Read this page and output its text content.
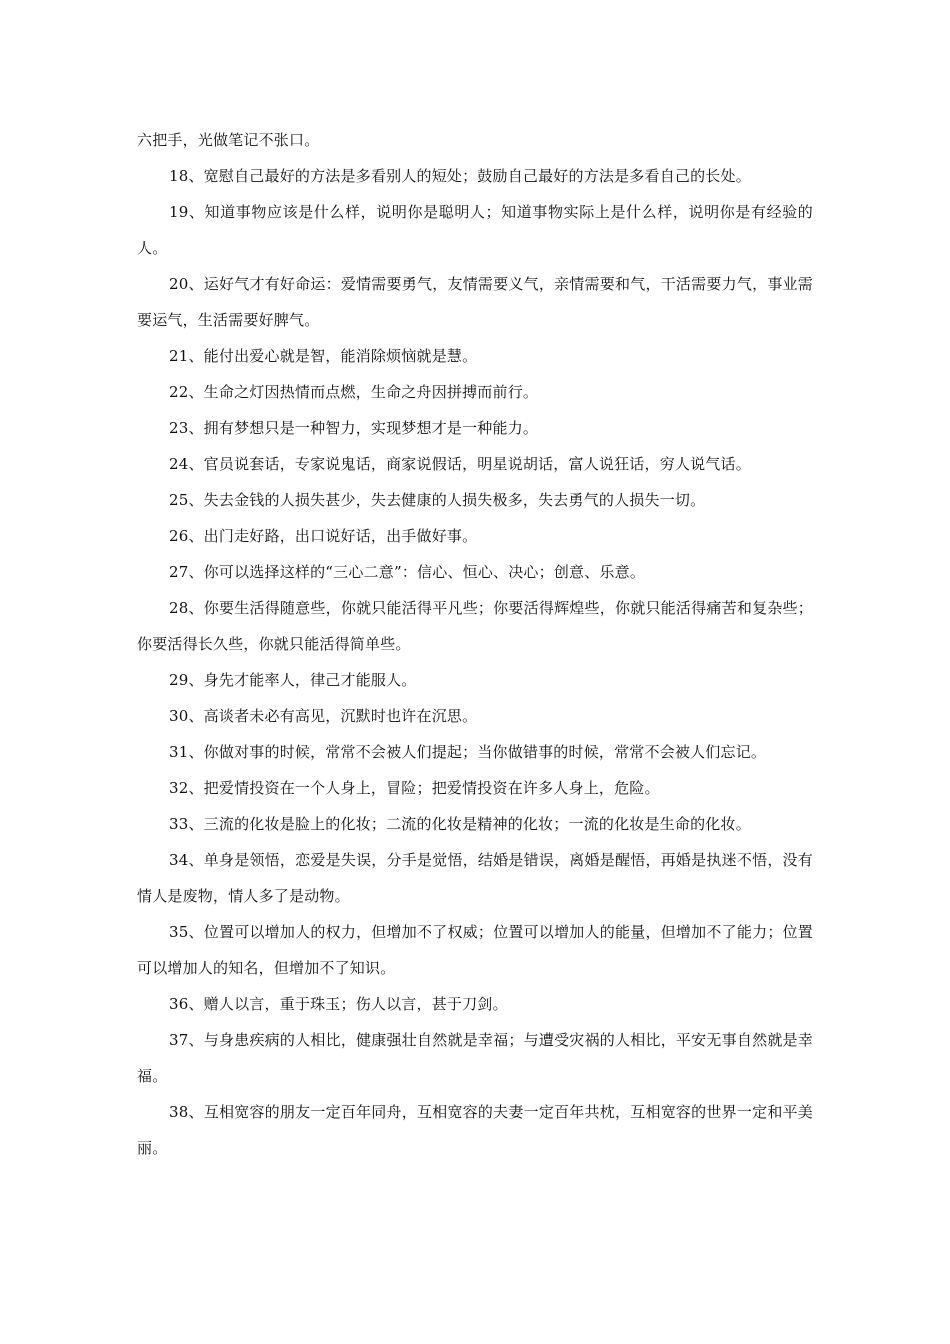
六把手，光做笔记不张口。

18、宽慰自己最好的方法是多看别人的短处；鼓励自己最好的方法是多看自己的长处。

19、知道事物应该是什么样，说明你是聪明人；知道事物实际上是什么样，说明你是有经验的人。

20、运好气才有好命运：爱情需要勇气，友情需要义气，亲情需要和气，干活需要力气，事业需要运气，生活需要好脾气。

21、能付出爱心就是智，能消除烦恼就是慧。

22、生命之灯因热情而点燃，生命之舟因拼搏而前行。

23、拥有梦想只是一种智力，实现梦想才是一种能力。

24、官员说套话，专家说鬼话，商家说假话，明星说胡话，富人说狂话，穷人说气话。

25、失去金钱的人损失甚少，失去健康的人损失极多，失去勇气的人损失一切。

26、出门走好路，出口说好话，出手做好事。

27、你可以选择这样的“三心二意”：信心、恒心、决心；创意、乐意。

28、你要生活得随意些，你就只能活得平凡些；你要活得辉煌些，你就只能活得痛苦和复杂些；你要活得长久些，你就只能活得简单些。

29、身先才能率人，律己才能服人。

30、高谈者未必有高见，沉默时也许在沉思。

31、你做对事的时候，常常不会被人们提起；当你做错事的时候，常常不会被人们忘记。

32、把爱情投资在一个人身上，冒险；把爱情投资在许多人身上，危险。

33、三流的化妆是脸上的化妆；二流的化妆是精神的化妆；一流的化妆是生命的化妆。

34、单身是领悟，恋爱是失误，分手是觉悟，结婚是错误，离婚是醒悟，再婚是执迷不悟，没有情人是废物，情人多了是动物。

35、位置可以增加人的权力，但增加不了权威；位置可以增加人的能量，但增加不了能力；位置可以增加人的知名，但增加不了知识。

36、赠人以言，重于珠玉；伤人以言，甚于刀剑。

37、与身患疾病的人相比，健康强壮自然就是幸福；与遭受灾祸的人相比，平安无事自然就是幸福。

38、互相宽容的朋友一定百年同舟，互相宽容的夫妻一定百年共枕，互相宽容的世界一定和平美丽。
